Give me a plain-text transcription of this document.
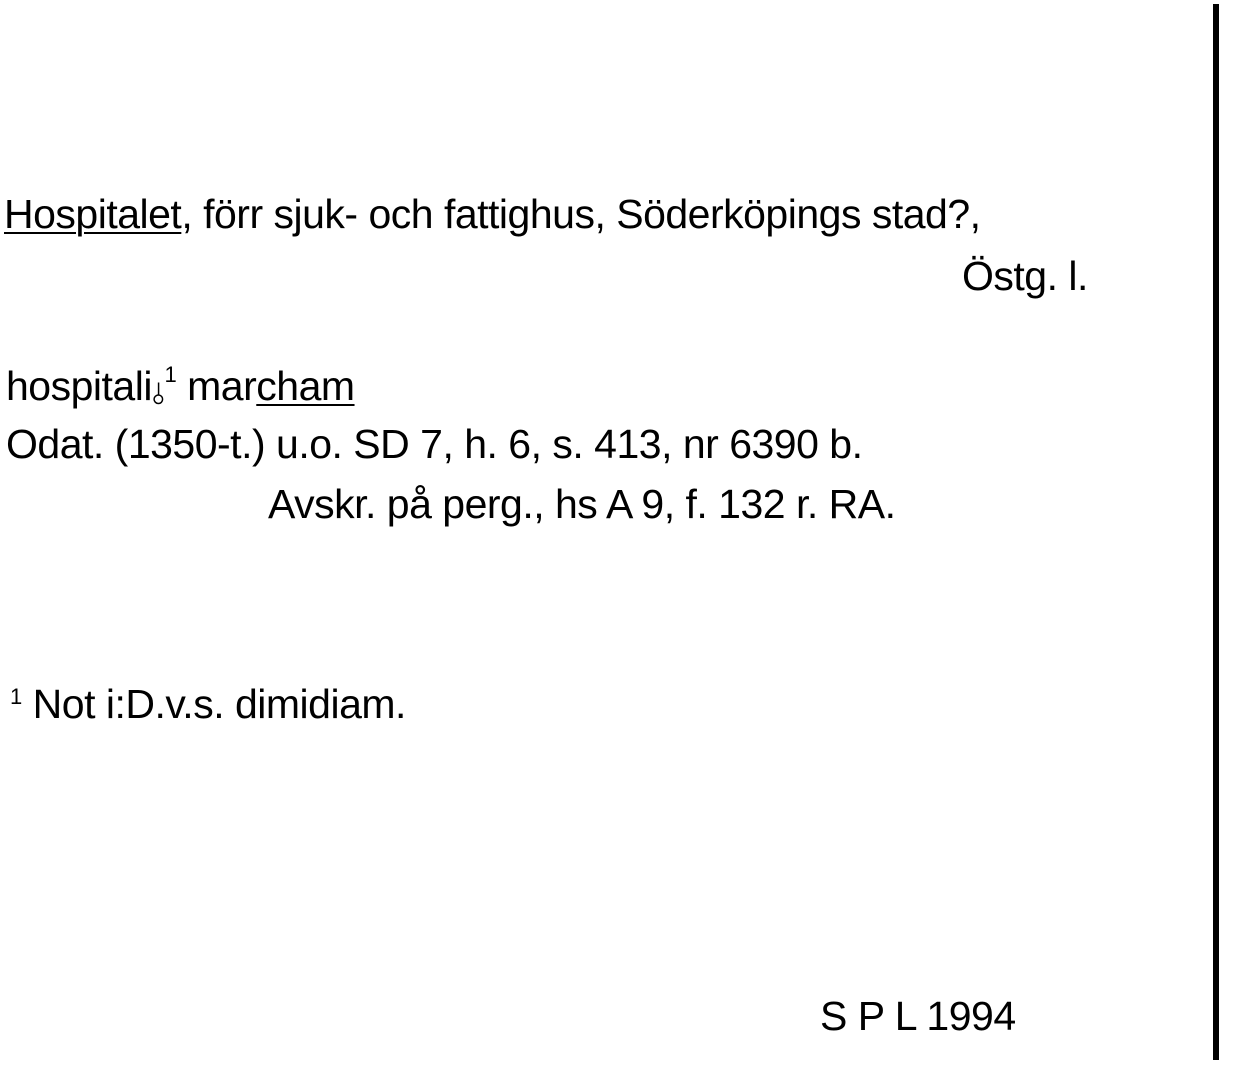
Hospitalet, förr sjuk- och fattighus, Söderköpings stad?,
Östg. l.
hospitali⫰$^1$ marcham
Odat. (1350-t.) u.o. SD 7, h. 6, s. 413, nr 6390 b.
Avskr. på perg., hs A 9, f. 132 r. RA.
$^1$ Not i:D.v.s. dimidiam.
S P L 1994
